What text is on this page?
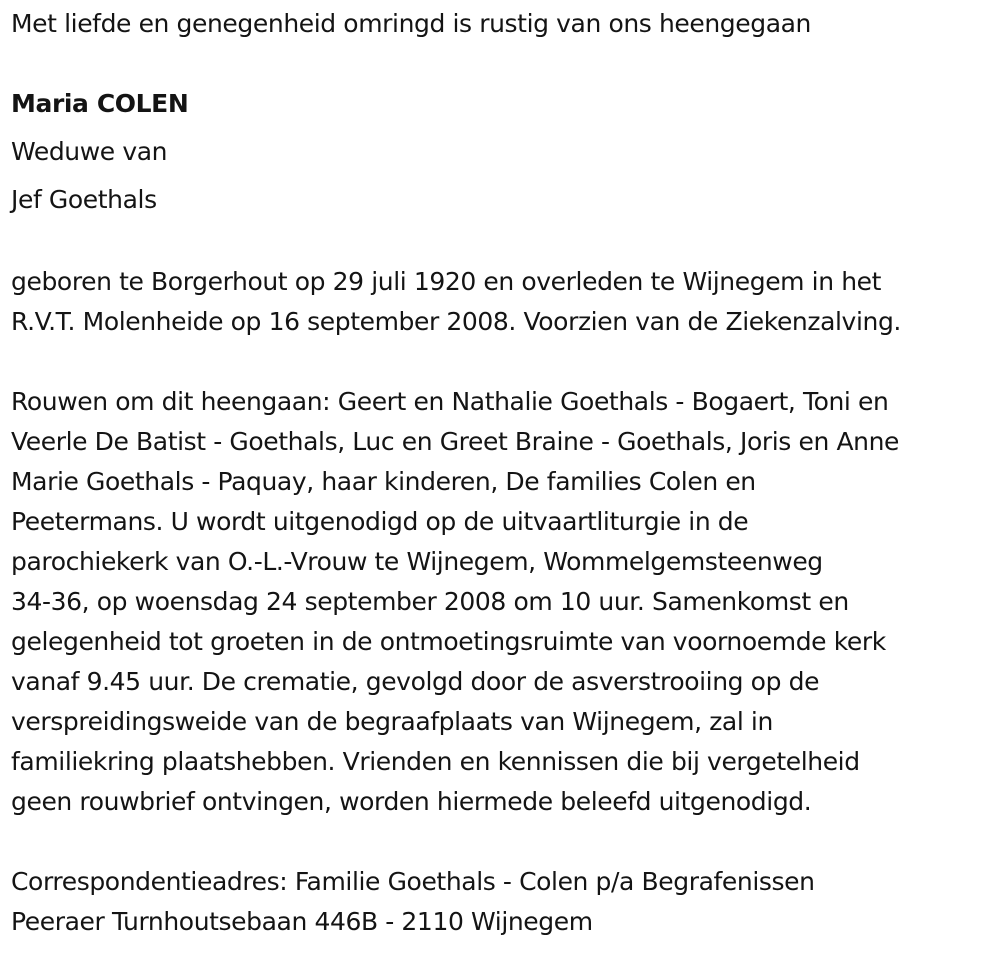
Met liefde en genegenheid omringd is rustig van ons heengegaan

Maria COLEN

Weduwe van

Jef Goethals

geboren te Borgerhout op 29 juli 1920 en overleden te Wijnegem in het

R.V.T. Molenheide op 16 september 2008. Voorzien van de Ziekenzalving.

Rouwen om dit heengaan: Geert en Nathalie Goethals - Bogaert, Toni en

Veerle De Batist - Goethals, Luc en Greet Braine - Goethals, Joris en Anne

Marie Goethals - Paquay, haar kinderen, De families Colen en

Peetermans. U wordt uitgenodigd op de uitvaartliturgie in de

parochiekerk van O.-L.-Vrouw te Wijnegem, Wommelgemsteenweg

34-36, op woensdag 24 september 2008 om 10 uur. Samenkomst en

gelegenheid tot groeten in de ontmoetingsruimte van voornoemde kerk

vanaf 9.45 uur. De crematie, gevolgd door de asverstrooiing op de

verspreidingsweide van de begraafplaats van Wijnegem, zal in

familiekring plaatshebben. Vrienden en kennissen die bij vergetelheid

geen rouwbrief ontvingen, worden hiermede beleefd uitgenodigd.

Correspondentieadres: Familie Goethals - Colen p/a Begrafenissen

Peeraer Turnhoutsebaan 446B - 2110 Wijnegem
